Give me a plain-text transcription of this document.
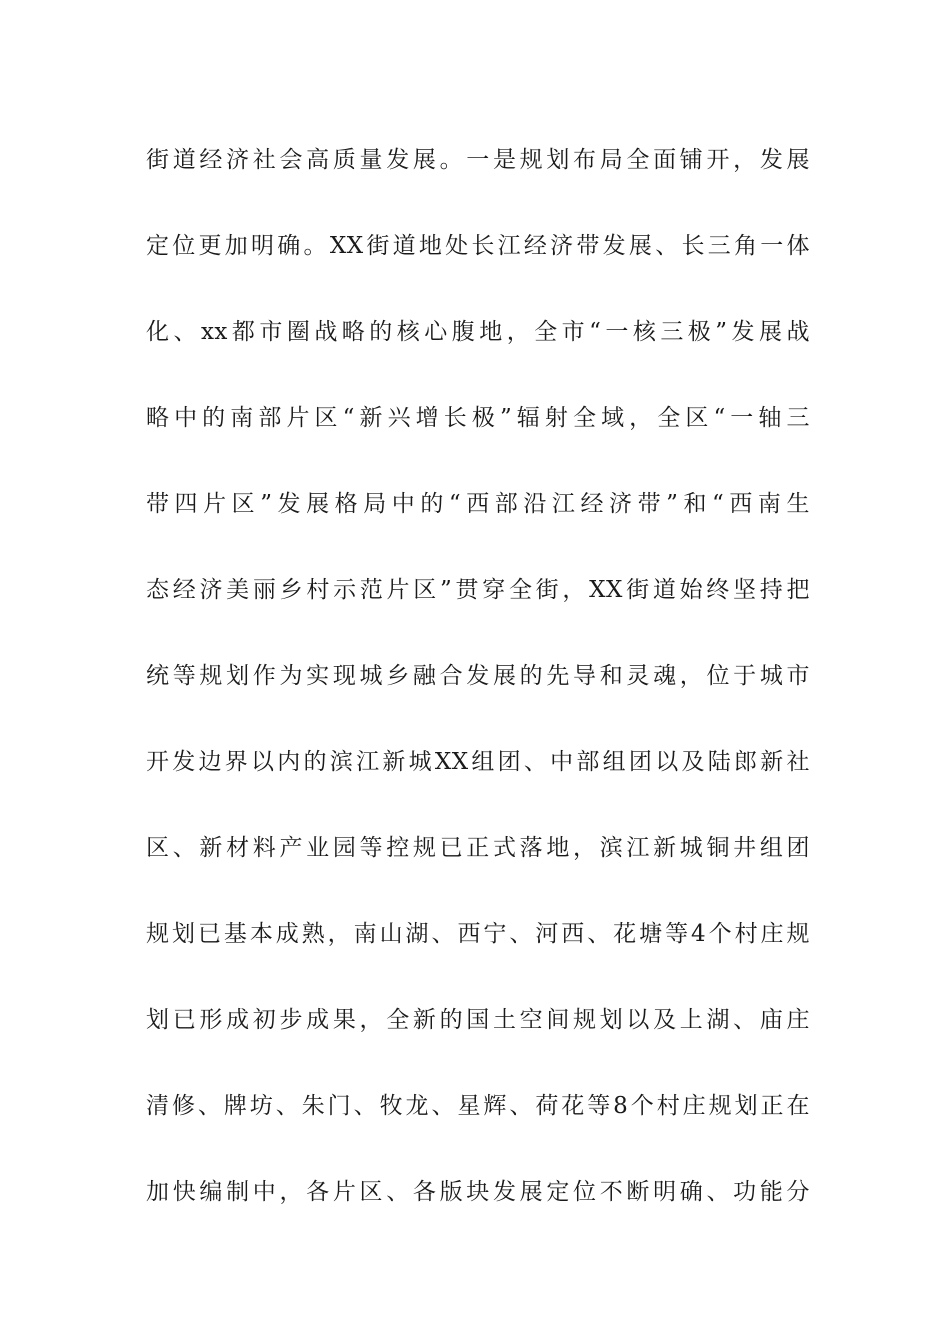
街道经济社会高质量发展。一是规划布局全面铺开，发展
定位更加明确。XX街道地处长江经济带发展、长三角一体
化、xx都市圈战略的核心腹地，全市“一核三极”发展战
略中的南部片区“新兴增长极”辐射全域，全区“一轴三
带四片区”发展格局中的“西部沿江经济带”和“西南生
态经济美丽乡村示范片区”贯穿全街，XX街道始终坚持把
统等规划作为实现城乡融合发展的先导和灵魂，位于城市
开发边界以内的滨江新城XX组团、中部组团以及陆郎新社
区、新材料产业园等控规已正式落地，滨江新城铜井组团
规划已基本成熟，南山湖、西宁、河西、花塘等4个村庄规
划已形成初步成果，全新的国土空间规划以及上湖、庙庄
清修、牌坊、朱门、牧龙、星辉、荷花等8个村庄规划正在
加快编制中，各片区、各版块发展定位不断明确、功能分
